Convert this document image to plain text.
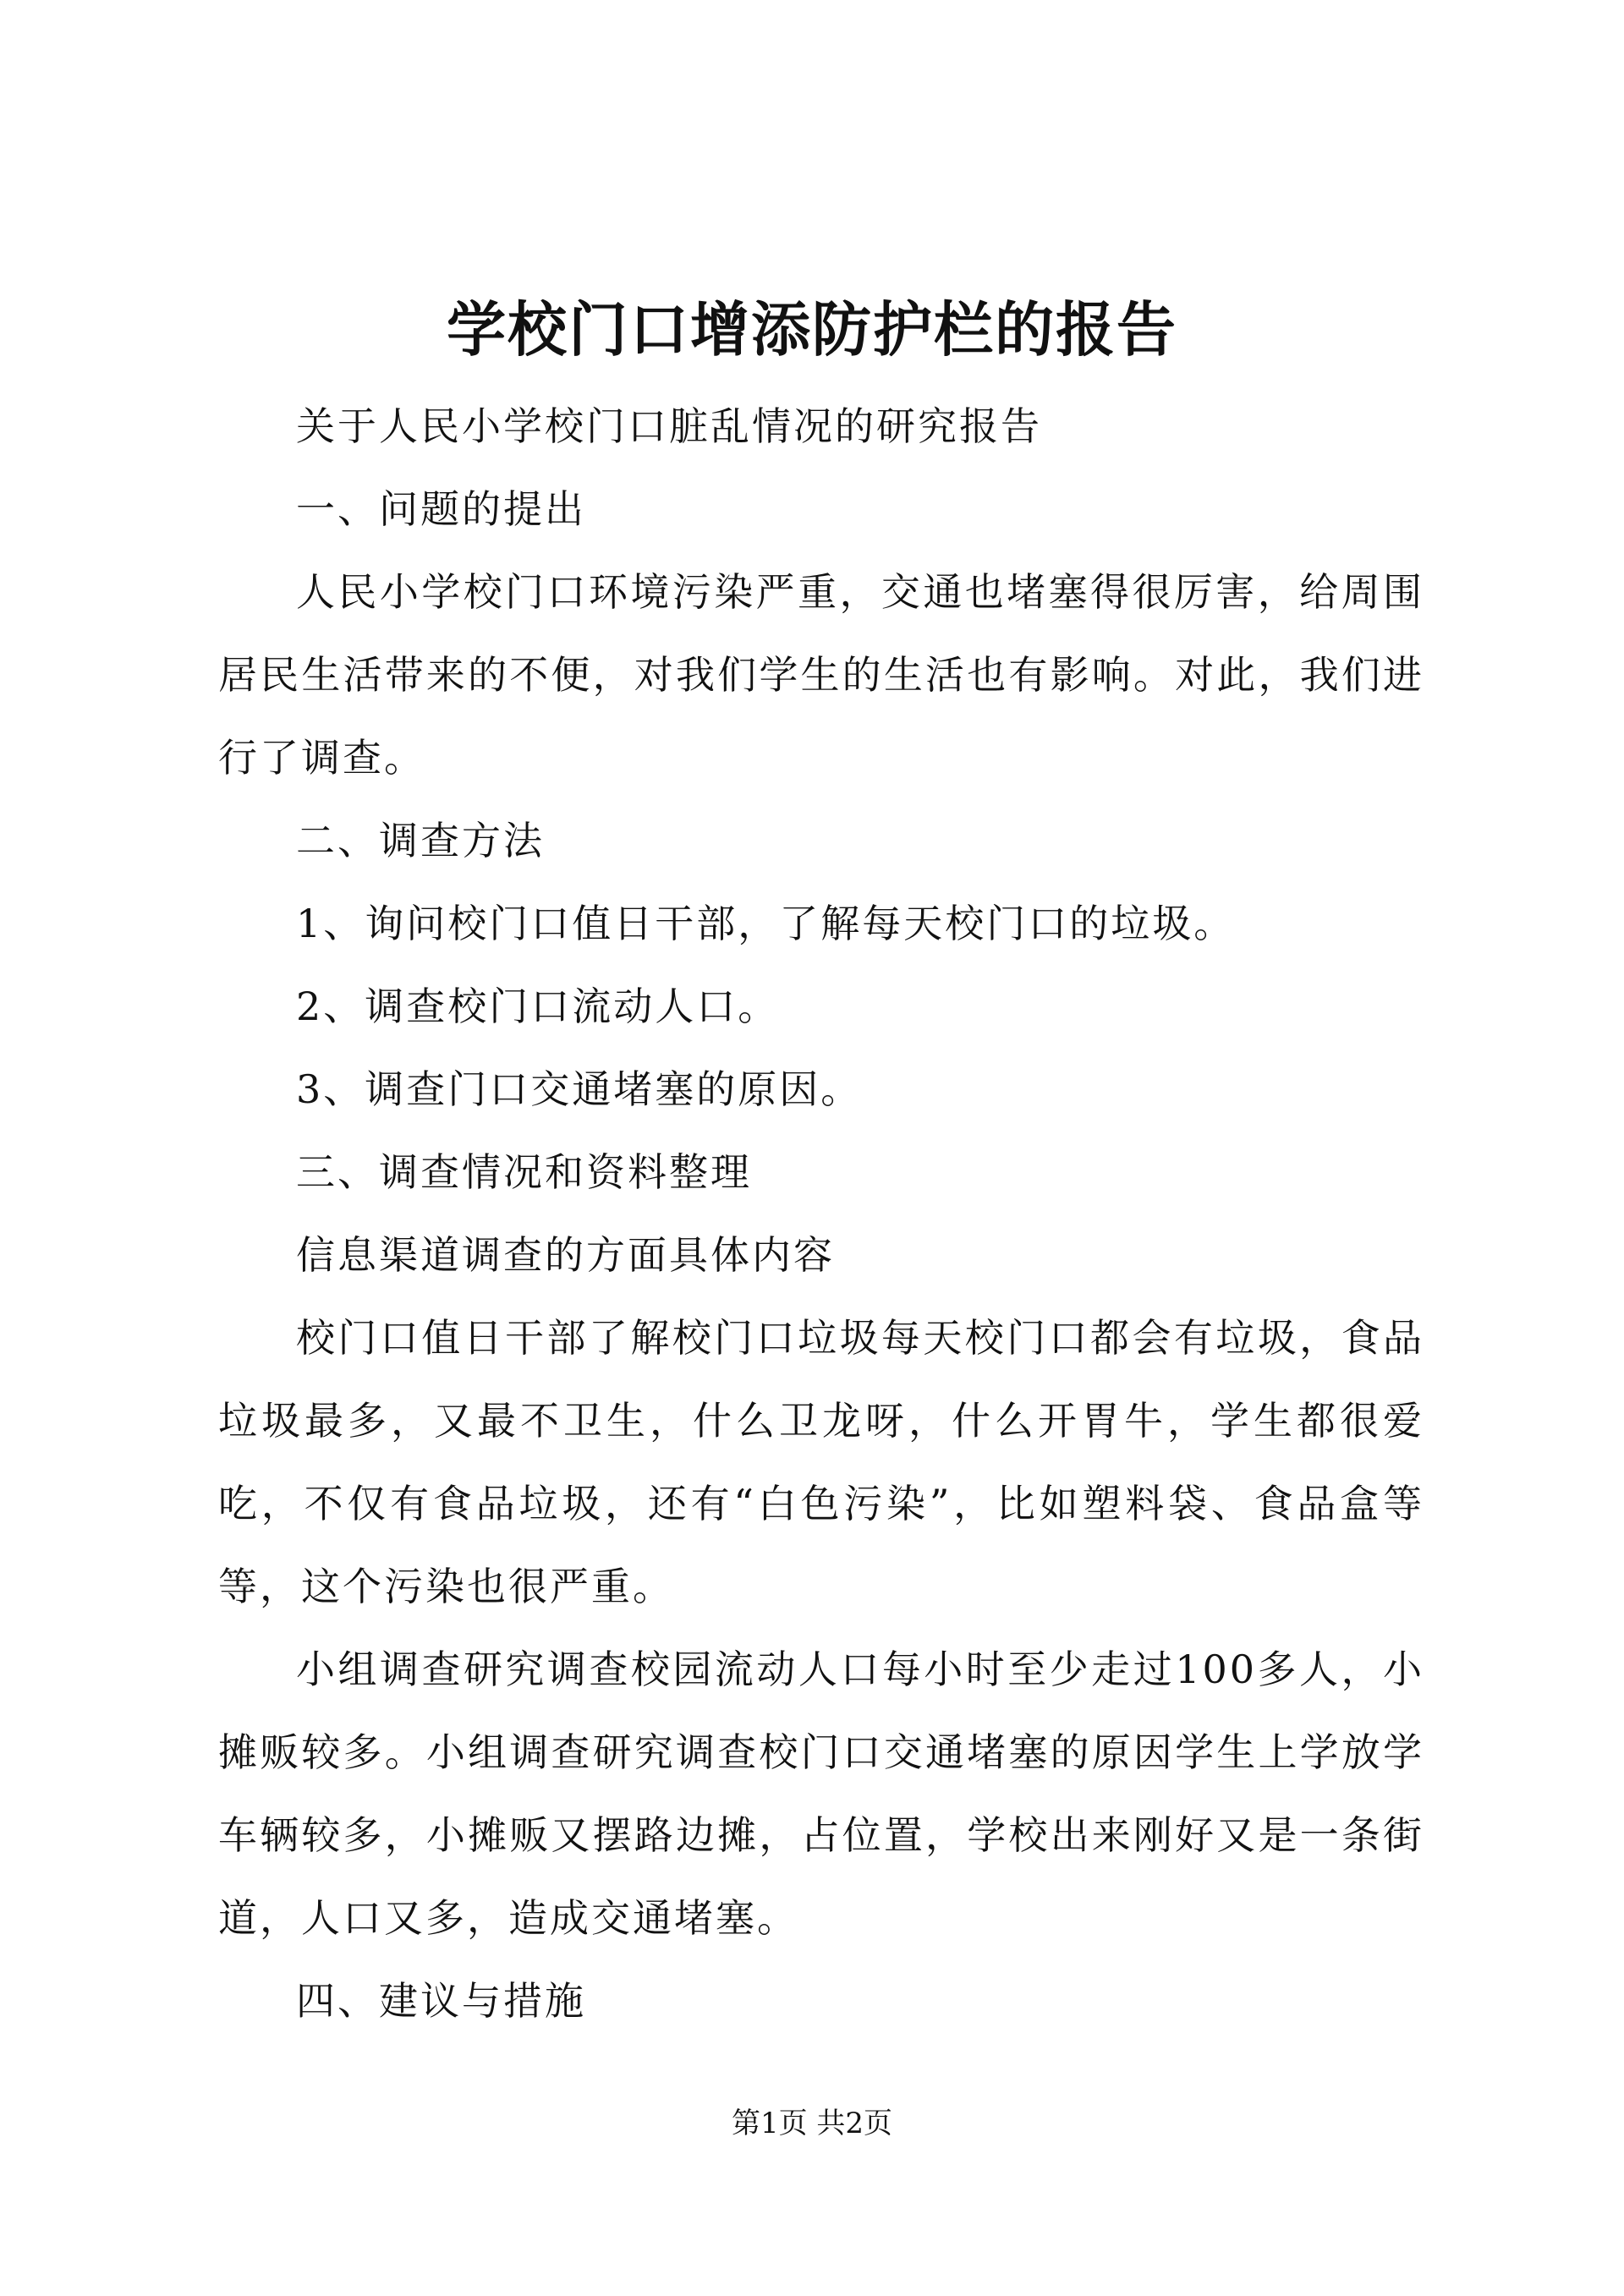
学校门口增添防护栏的报告

关于人民小学校门口脏乱情况的研究报告

一、问题的提出

人民小学校门口环境污染严重，交通也堵塞得很厉害，给周围居民生活带来的不便，对我们学生的生活也有影响。对此，我们进行了调查。

二、调查方法

1、询问校门口值日干部，了解每天校门口的垃圾。

2、调查校门口流动人口。

3、调查门口交通堵塞的原因。

三、调查情况和资料整理

信息渠道调查的方面具体内容

校门口值日干部了解校门口垃圾每天校门口都会有垃圾，食品垃圾最多，又最不卫生，什么卫龙呀，什么开胃牛，学生都很爱吃，不仅有食品垃圾，还有“白色污染”，比如塑料袋、食品盒等等，这个污染也很严重。

小组调查研究调查校园流动人口每小时至少走过100多人，小摊贩较多。小组调查研究调查校门口交通堵塞的原因学生上学放学车辆较多，小摊贩又摆路边摊，占位置，学校出来刚好又是一条街道，人口又多，造成交通堵塞。

四、建议与措施

第1页 共2页
